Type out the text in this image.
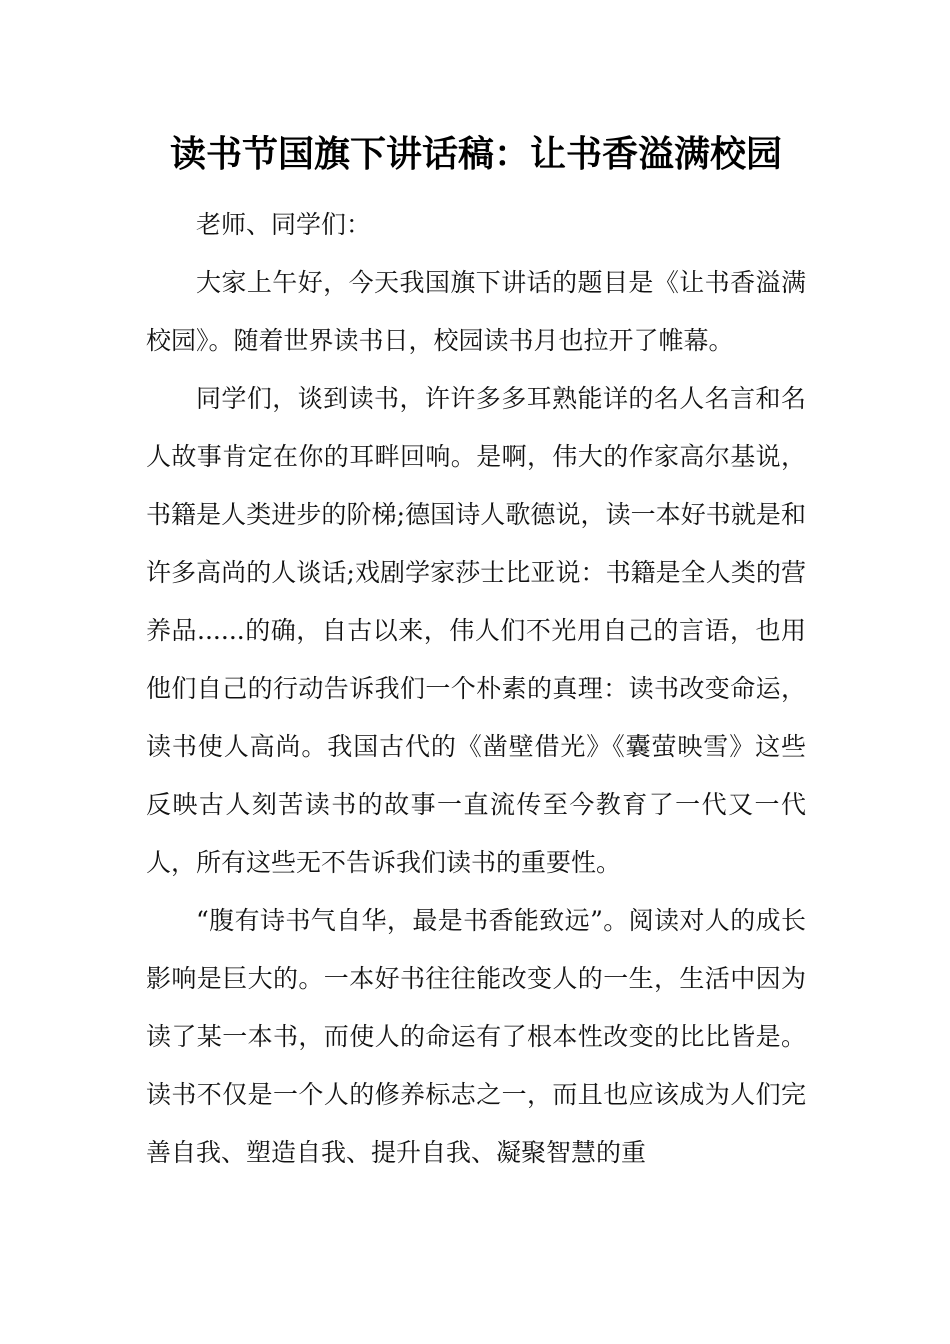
读书节国旗下讲话稿：让书香溢满校园

老师、同学们：

大家上午好，今天我国旗下讲话的题目是《让书香溢满校园》。随着世界读书日，校园读书月也拉开了帷幕。

同学们，谈到读书，许许多多耳熟能详的名人名言和名人故事肯定在你的耳畔回响。是啊，伟大的作家高尔基说，书籍是人类进步的阶梯;德国诗人歌德说，读一本好书就是和许多高尚的人谈话;戏剧学家莎士比亚说：书籍是全人类的营养品......的确，自古以来，伟人们不光用自己的言语，也用他们自己的行动告诉我们一个朴素的真理：读书改变命运，读书使人高尚。我国古代的《凿壁借光》《囊萤映雪》这些反映古人刻苦读书的故事一直流传至今教育了一代又一代人，所有这些无不告诉我们读书的重要性。

“腹有诗书气自华，最是书香能致远”。阅读对人的成长影响是巨大的。一本好书往往能改变人的一生，生活中因为读了某一本书，而使人的命运有了根本性改变的比比皆是。读书不仅是一个人的修养标志之一，而且也应该成为人们完善自我、塑造自我、提升自我、凝聚智慧的重
